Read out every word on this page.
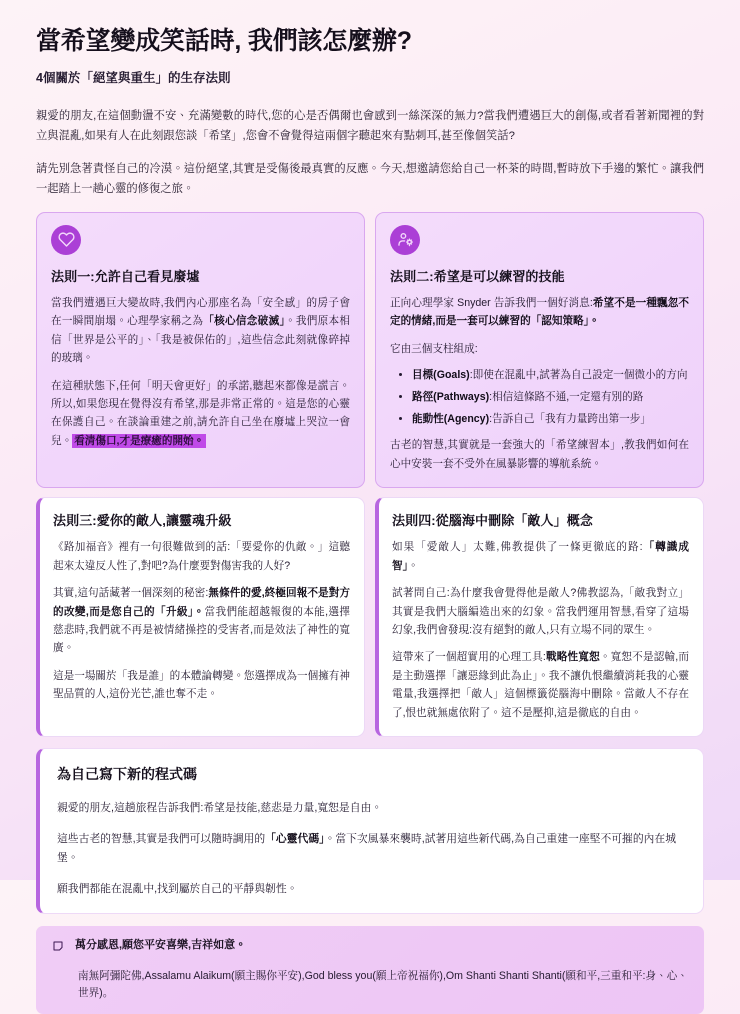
當希望變成笑話時, 我們該怎麼辦?
4個關於「絕望與重生」的生存法則

親愛的朋友,在這個動盪不安、充滿變數的時代,您的心是否偶爾也會感到一絲深深的無力?當我們遭遇巨大的創傷,或者看著新聞裡的對立與混亂,如果有人在此刻跟您談「希望」,您會不會覺得這兩個字聽起來有點刺耳,甚至像個笑話?

請先別急著責怪自己的冷漠。這份絕望,其實是受傷後最真實的反應。今天,想邀請您給自己一杯茶的時間,暫時放下手邊的繁忙。讓我們一起踏上一趟心靈的修復之旅。

法則一:允許自己看見廢墟

當我們遭遇巨大變故時,我們內心那座名為「安全感」的房子會在一瞬間崩塌。心理學家稱之為「核心信念破滅」。我們原本相信「世界是公平的」、「我是被保佑的」,這些信念此刻就像碎掉的玻璃。

在這種狀態下,任何「明天會更好」的承諾,聽起來都像是謊言。所以,如果您現在覺得沒有希望,那是非常正常的。這是您的心靈在保護自己。在談論重建之前,請允許自己坐在廢墟上哭泣一會兒。 看清傷口,才是療癒的開始。

法則二:希望是可以練習的技能

正向心理學家 Snyder 告訴我們一個好消息:希望不是一種飄忽不定的情緒,而是一套可以練習的「認知策略」。

它由三個支柱組成:

• 目標(Goals):即使在混亂中,試著為自己設定一個微小的方向
• 路徑(Pathways):相信這條路不通,一定還有別的路
• 能動性(Agency):告訴自己「我有力量跨出第一步」

古老的智慧,其實就是一套強大的「希望練習本」,教我們如何在心中安裝一套不受外在風暴影響的導航系統。

法則三:愛你的敵人,讓靈魂升級

《路加福音》裡有一句很難做到的話:「要愛你的仇敵。」這聽起來太違反人性了,對吧?為什麼要對傷害我的人好?

其實,這句話藏著一個深刻的秘密:無條件的愛,終極回報不是對方的改變,而是您自己的「升級」。當我們能超越報復的本能,選擇慈悲時,我們就不再是被情緒操控的受害者,而是效法了神性的寬廣。

這是一場關於「我是誰」的本體論轉變。您選擇成為一個擁有神聖品質的人,這份光芒,誰也奪不走。

法則四:從腦海中刪除「敵人」概念

如果「愛敵人」太難,佛教提供了一條更徹底的路:「轉識成智」。

試著問自己:為什麼我會覺得他是敵人?佛教認為,「敵我對立」其實是我們大腦編造出來的幻象。當我們運用智慧,看穿了這場幻象,我們會發現:沒有絕對的敵人,只有立場不同的眾生。

這帶來了一個超實用的心理工具:戰略性寬恕。寬恕不是認輸,而是主動選擇「讓惡緣到此為止」。我不讓仇恨繼續消耗我的心靈電量,我選擇把「敵人」這個標籤從腦海中刪除。當敵人不存在了,恨也就無處依附了。這不是壓抑,這是徹底的自由。

為自己寫下新的程式碼

親愛的朋友,這趟旅程告訴我們:希望是技能,慈悲是力量,寬恕是自由。

這些古老的智慧,其實是我們可以隨時調用的「心靈代碼」。當下次風暴來襲時,試著用這些新代碼,為自己重建一座堅不可摧的內在城堡。

願我們都能在混亂中,找到屬於自己的平靜與韌性。

萬分感恩,願您平安喜樂,吉祥如意。
南無阿彌陀佛,Assalamu Alaikum(願主賜你平安),God bless you(願上帝祝福你),Om Shanti Shanti Shanti(願和平,三重和平:身、心、世界)。
